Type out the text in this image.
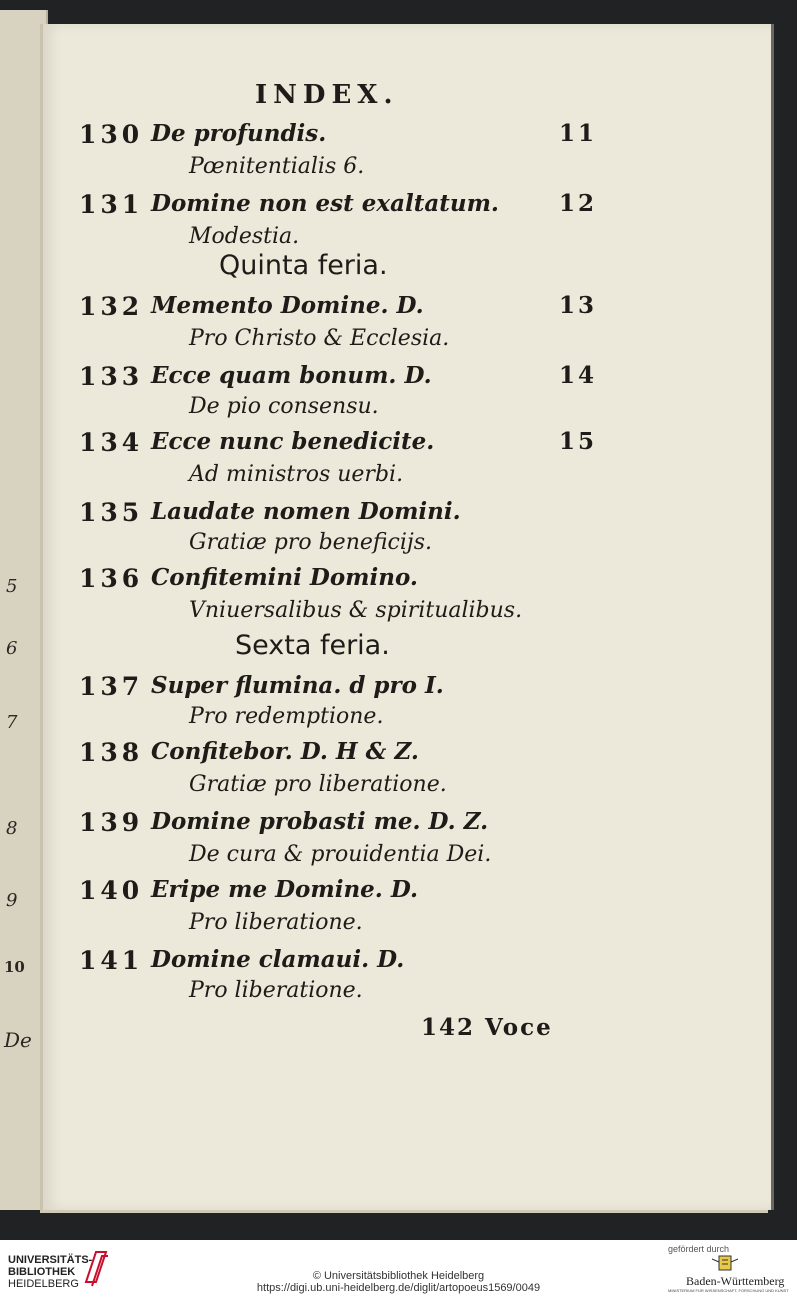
5
6
7
8
9
10
De
INDEX.
130 De profundis.	11
Pœnitentialis 6.
131 Domine non est exaltatum.	12
Modestia.
Quinta feria.
132 Memento Domine. D.	13
Pro Christo & Ecclesia.
133 Ecce quam bonum. D.	14
De pio consensu.
134 Ecce nunc benedicite.	15
Ad ministros uerbi.
135 Laudate nomen Domini.
Gratiæ pro beneficijs.
136 Confitemini Domino.
Vniuersalibus & spiritualibus.
Sexta feria.
137 Super flumina. d pro I.
Pro redemptione.
138 Confitebor. D. H & Z.
Gratiæ pro liberatione.
139 Domine probasti me. D. Z.
De cura & prouidentia Dei.
140 Eripe me Domine. D.
Pro liberatione.
141 Domine clamaui. D.
Pro liberatione.
142 Voce
UNIVERSITÄTS-
BIBLIOTHEK
HEIDELBERG
© Universitätsbibliothek Heidelberg
https://digi.ub.uni-heidelberg.de/diglit/artopoeus1569/0049
gefördert durch
Baden-Württemberg
MINISTERIUM FÜR WISSENSCHAFT, FORSCHUNG UND KUNST
